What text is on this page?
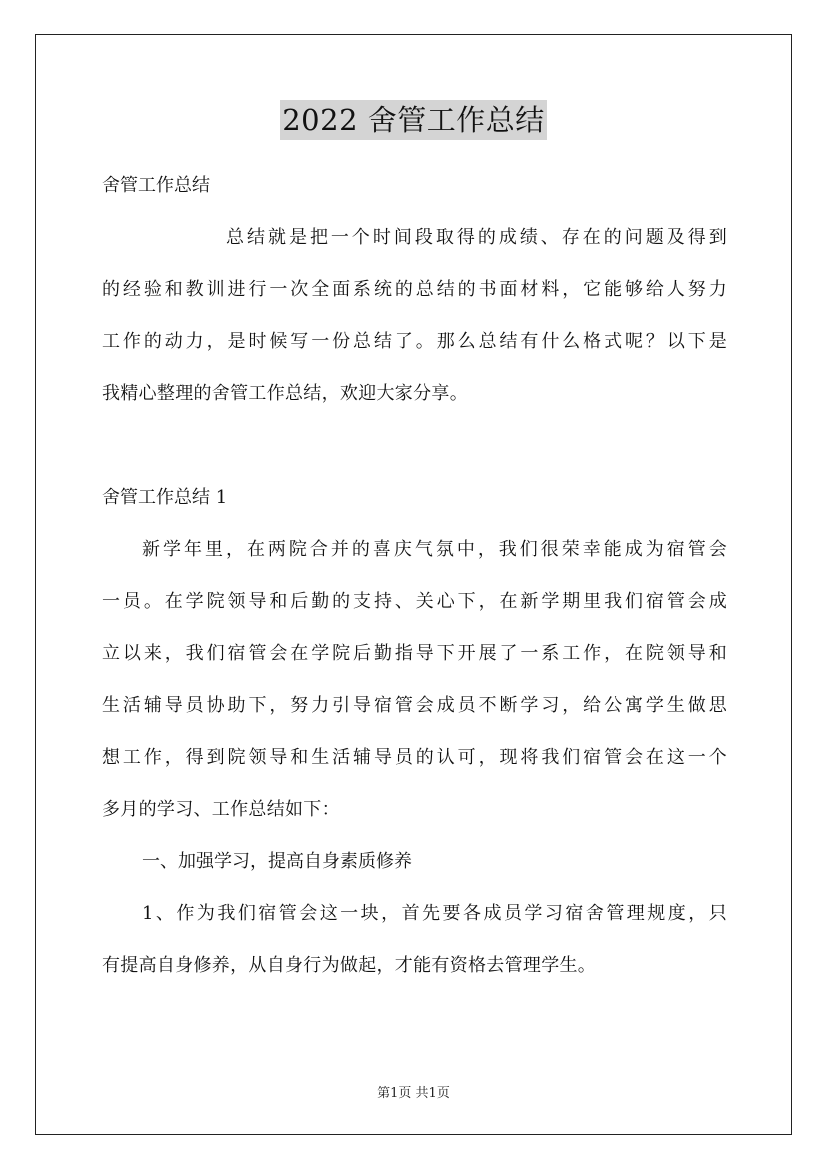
2022 舍管工作总结
舍管工作总结
总结就是把一个时间段取得的成绩、存在的问题及得到
的经验和教训进行一次全面系统的总结的书面材料，它能够给人努力
工作的动力，是时候写一份总结了。那么总结有什么格式呢？以下是
我精心整理的舍管工作总结，欢迎大家分享。
舍管工作总结 1
新学年里，在两院合并的喜庆气氛中，我们很荣幸能成为宿管会
一员。在学院领导和后勤的支持、关心下，在新学期里我们宿管会成
立以来，我们宿管会在学院后勤指导下开展了一系工作，在院领导和
生活辅导员协助下，努力引导宿管会成员不断学习，给公寓学生做思
想工作，得到院领导和生活辅导员的认可，现将我们宿管会在这一个
多月的学习、工作总结如下：
一、加强学习，提高自身素质修养
1、作为我们宿管会这一块，首先要各成员学习宿舍管理规度，只
有提高自身修养，从自身行为做起，才能有资格去管理学生。
第1页 共1页
